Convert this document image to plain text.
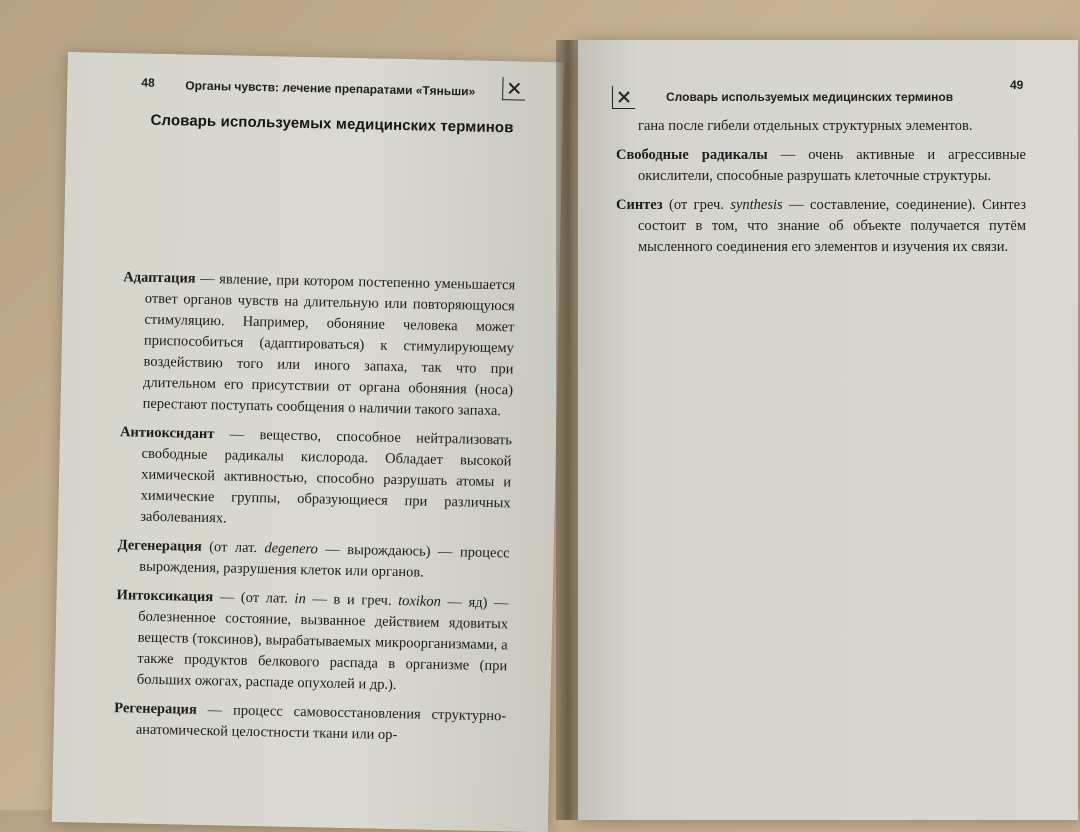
48	Органы чувств: лечение препаратами «Тяньши»
Словарь используемых медицинских терминов

Адаптация — явление, при котором постепенно уменьшается ответ органов чувств на длительную или повторяющуюся стимуляцию. Например, обоняние человека может приспособиться (адаптироваться) к стимулирующему воздействию того или иного запаха, так что при длительном его присутствии от органа обоняния (носа) перестают поступать сообщения о наличии такого запаха.

Антиоксидант — вещество, способное нейтрализовать свободные радикалы кислорода. Обладает высокой химической активностью, способно разрушать атомы и химические группы, образующиеся при различных заболеваниях.

Дегенерация (от лат. degenero — вырождаюсь) — процесс вырождения, разрушения клеток или органов.

Интоксикация — (от лат. in — в и греч. toxikon — яд) — болезненное состояние, вызванное действием ядовитых веществ (токсинов), вырабатываемых микроорганизмами, а также продуктов белкового распада в организме (при больших ожогах, распаде опухолей и др.).

Регенерация — процесс самовосстановления структурно-анатомической целостности ткани или ор-

Словарь используемых медицинских терминов
49

гана после гибели отдельных структурных элементов.

Свободные радикалы — очень активные и агрессивные окислители, способные разрушать клеточные структуры.

Синтез (от греч. synthesis — составление, соединение). Синтез состоит в том, что знание об объекте получается путём мысленного соединения его элементов и изучения их связи.
